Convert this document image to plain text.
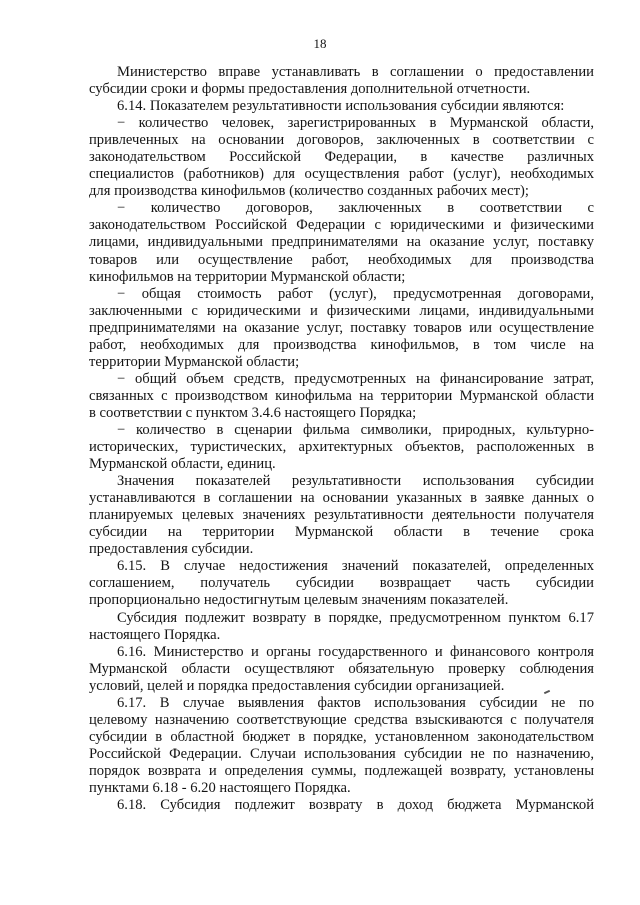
18
Министерство вправе устанавливать в соглашении о предоставлении
субсидии сроки и формы предоставления дополнительной отчетности.
6.14. Показателем результативности использования субсидии являются:
− количество человек, зарегистрированных в Мурманской области,
привлеченных на основании договоров, заключенных в соответствии с
законодательством Российской Федерации, в качестве различных
специалистов (работников) для осуществления работ (услуг), необходимых
для производства кинофильмов (количество созданных рабочих мест);
− количество договоров, заключенных в соответствии с
законодательством Российской Федерации с юридическими и физическими
лицами, индивидуальными предпринимателями на оказание услуг, поставку
товаров или осуществление работ, необходимых для производства
кинофильмов на территории Мурманской области;
− общая стоимость работ (услуг), предусмотренная договорами,
заключенными с юридическими и физическими лицами, индивидуальными
предпринимателями на оказание услуг, поставку товаров или осуществление
работ, необходимых для производства кинофильмов, в том числе на
территории Мурманской области;
− общий объем средств, предусмотренных на финансирование затрат,
связанных с производством кинофильма на территории Мурманской области
в соответствии с пунктом 3.4.6 настоящего Порядка;
− количество в сценарии фильма символики, природных, культурно-
исторических, туристических, архитектурных объектов, расположенных в
Мурманской области, единиц.
Значения показателей результативности использования субсидии
устанавливаются в соглашении на основании указанных в заявке данных о
планируемых целевых значениях результативности деятельности получателя
субсидии на территории Мурманской области в течение срока
предоставления субсидии.
6.15. В случае недостижения значений показателей, определенных
соглашением, получатель субсидии возвращает часть субсидии
пропорционально недостигнутым целевым значениям показателей.
Субсидия подлежит возврату в порядке, предусмотренном пунктом 6.17
настоящего Порядка.
6.16. Министерство и органы государственного и финансового контроля
Мурманской области осуществляют обязательную проверку соблюдения
условий, целей и порядка предоставления субсидии организацией.
6.17. В случае выявления фактов использования субсидии не по
целевому назначению соответствующие средства взыскиваются с получателя
субсидии в областной бюджет в порядке, установленном законодательством
Российской Федерации. Случаи использования субсидии не по назначению,
порядок возврата и определения суммы, подлежащей возврату, установлены
пунктами 6.18 - 6.20 настоящего Порядка.
6.18. Субсидия подлежит возврату в доход бюджета Мурманской
